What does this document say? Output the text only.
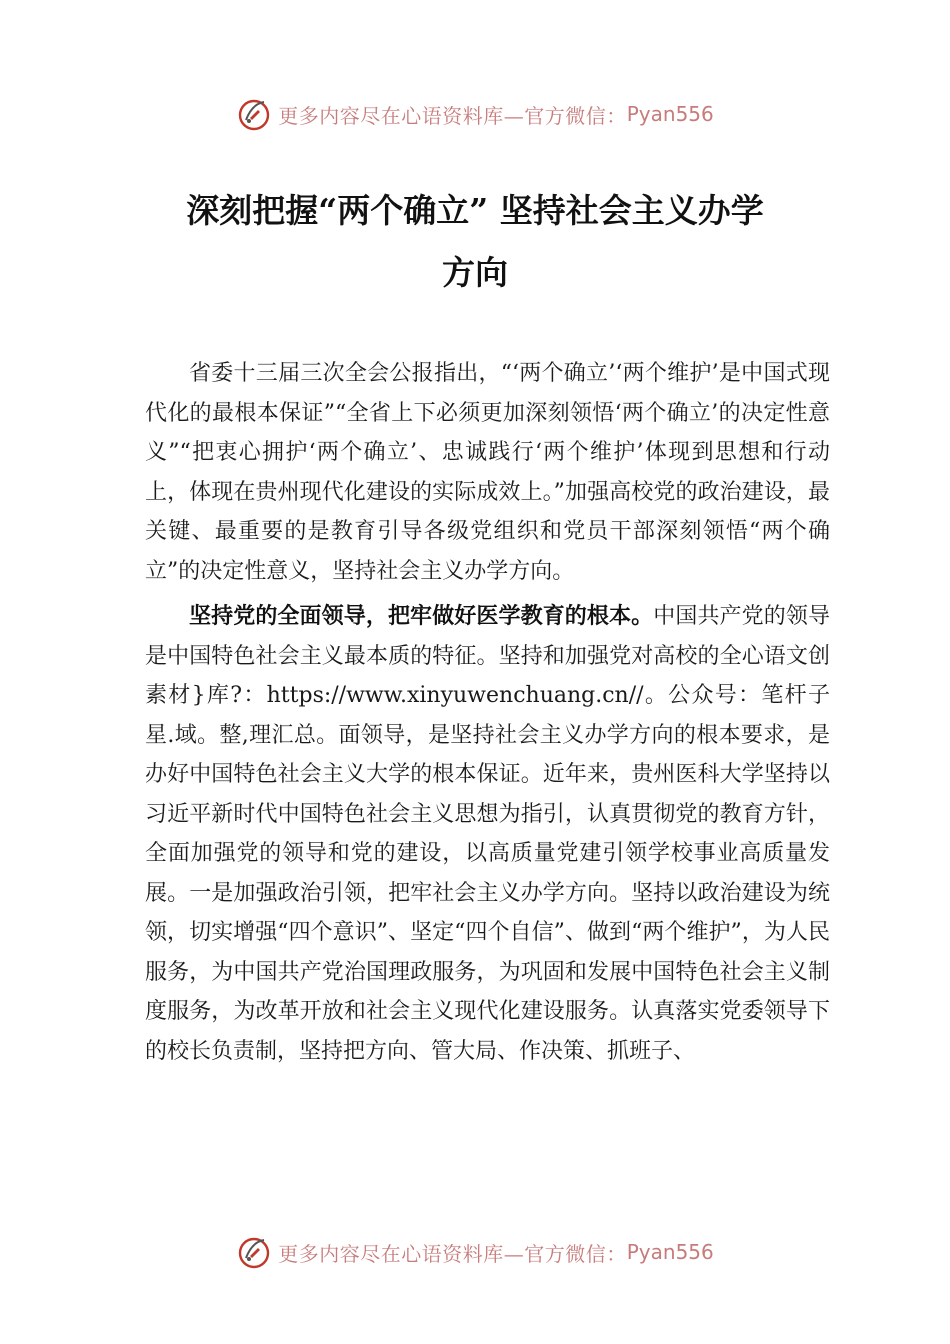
更多内容尽在心语资料库—官方微信： Pyan556
深刻把握“两个确立” 坚持社会主义办学
方向

省委十三届三次全会公报指出，“‘两个确立’‘两个维护’是中国式现代化的最根本保证”“全省上下必须更加深刻领悟‘两个确立’的决定性意义”“把衷心拥护‘两个确立’、忠诚践行‘两个维护’体现到思想和行动上，体现在贵州现代化建设的实际成效上。”加强高校党的政治建设，最关键、最重要的是教育引导各级党组织和党员干部深刻领悟“两个确立”的决定性意义，坚持社会主义办学方向。

坚持党的全面领导，把牢做好医学教育的根本。中国共产党的领导是中国特色社会主义最本质的特征。坚持和加强党对高校的全心语文创素材}库?：https://www.xinyuwenchuang.cn//。公众号：笔杆子星.域。整,理汇总。面领导，是坚持社会主义办学方向的根本要求，是办好中国特色社会主义大学的根本保证。近年来，贵州医科大学坚持以习近平新时代中国特色社会主义思想为指引，认真贯彻党的教育方针，全面加强党的领导和党的建设，以高质量党建引领学校事业高质量发展。一是加强政治引领，把牢社会主义办学方向。坚持以政治建设为统领，切实增强“四个意识”、坚定“四个自信”、做到“两个维护”，为人民服务，为中国共产党治国理政服务，为巩固和发展中国特色社会主义制度服务，为改革开放和社会主义现代化建设服务。认真落实党委领导下的校长负责制，坚持把方向、管大局、作决策、抓班子、

更多内容尽在心语资料库—官方微信： Pyan556
